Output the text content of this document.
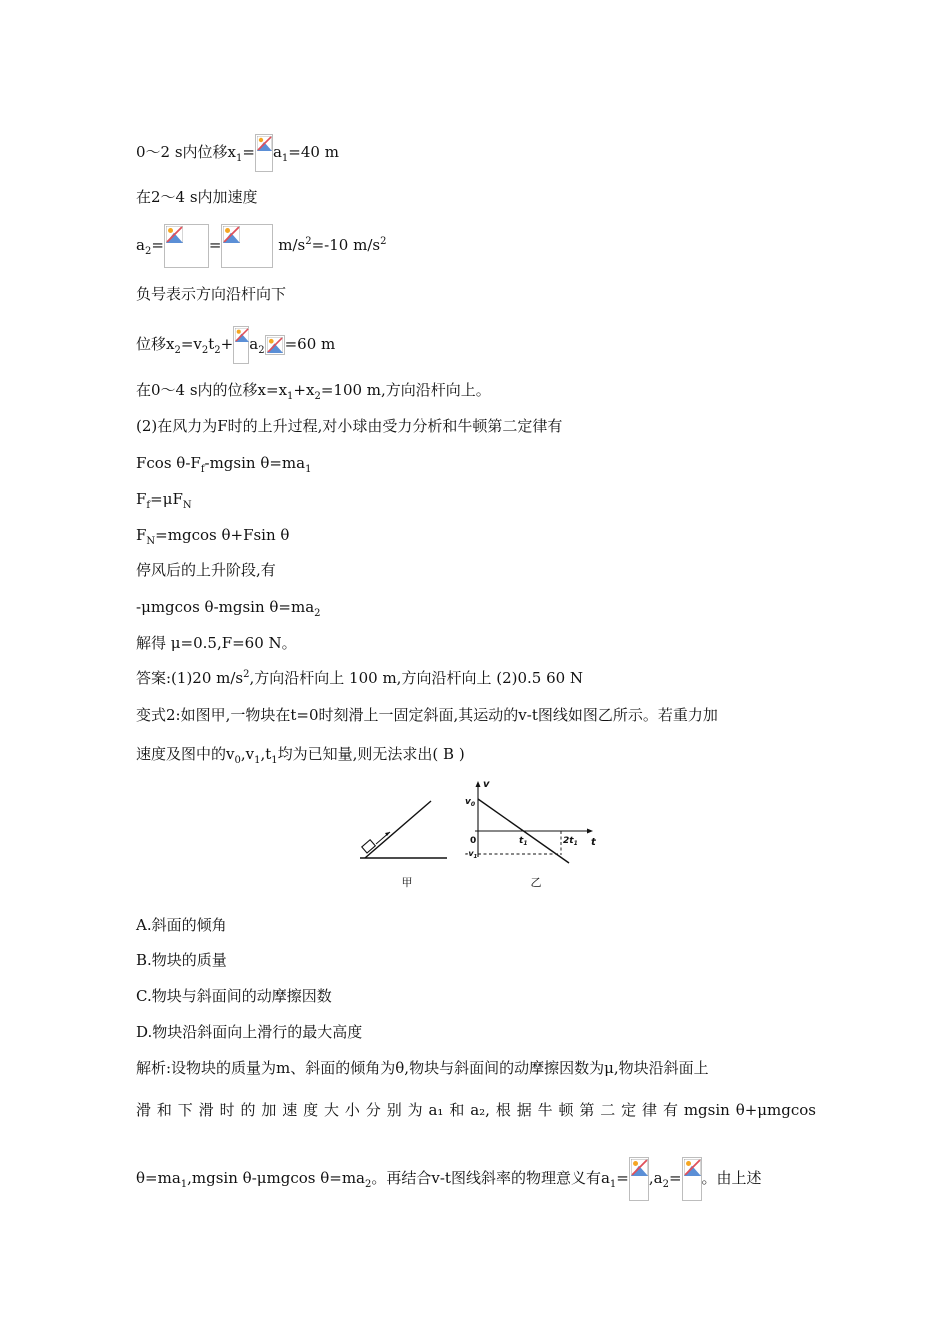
0～2 s内位移$x_1= a_1=40$ m
在2～4 s内加速度
$a_2=$	=	$m/s^2=-10$ $m/s^2$
负号表示方向沿杆向下
位移$x_2=v_2t_2+ a_2 =60$ m
在0～4 s内的位移$x=x_1+x_2=100$ m,方向沿杆向上。
(2)在风力为F时的上升过程,对小球由受力分析和牛顿第二定律有
Fcos $\theta-F_f$-mgsin $\theta=ma_1$
$F_f=\mu F_N$
$F_N=mgcos$ θ+Fsin θ
停风后的上升阶段,有
-μmgcos θ-mgsin $\theta=ma_2$
解得 μ=0.5,F=60 N。
答案:(1)20 $m/s^2$,方向沿杆向上 100 m,方向沿杆向上 (2)0.5 60 N
变式2:如图甲,一物块在t=0时刻滑上一固定斜面,其运动的v-t图线如图乙所示。若重力加
速度及图中的$v_0,v_1,t_1$均为已知量,则无法求出( B )
甲
v
t
$v_0$
0	$t_1$	$2t_1$
$-v_1$
乙
A.斜面的倾角
B.物块的质量
C.物块与斜面间的动摩擦因数
D.物块沿斜面向上滑行的最大高度
解析:设物块的质量为m、斜面的倾角为θ,物块与斜面间的动摩擦因数为μ,物块沿斜面上
滑 和 下 滑 时 的 加 速 度 大 小 分 别 为 a₁ 和 a₂, 根 据 牛 顿 第 二 定 律 有 mgsin θ+μmgcos
$\theta=ma_1,mgsin$ θ-μmgcos $\theta=ma_2$。再结合v-t图线斜率的物理意义有$a_1= ,a_2=$ 。由上述
